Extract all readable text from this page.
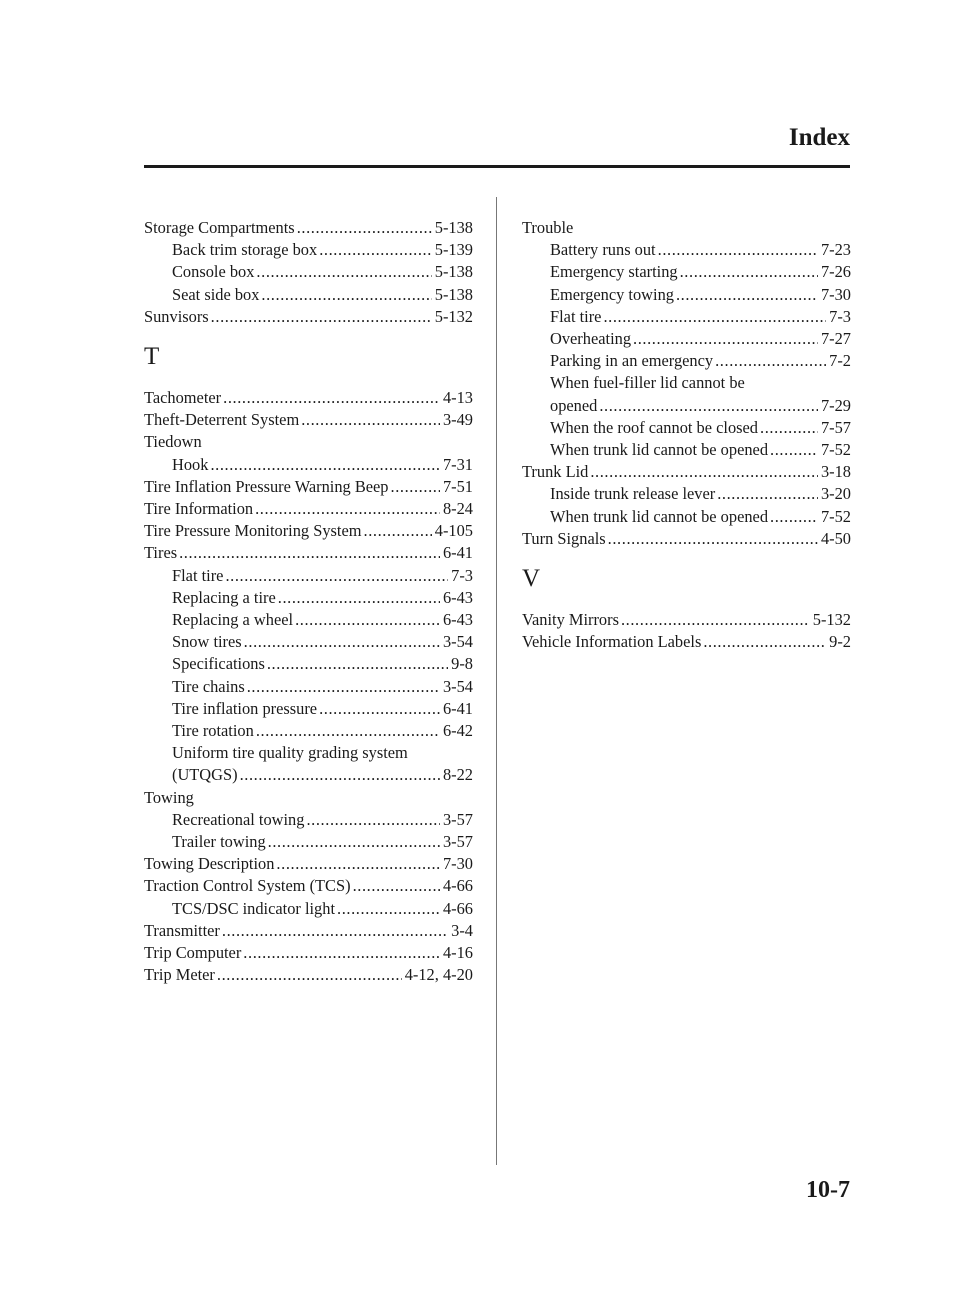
Index
Storage Compartments .....	5-138
Back trim storage box .....	5-139
Console box .....	5-138
Seat side box .....	5-138
Sunvisors .....	5-132
T
Tachometer .....	4-13
Theft-Deterrent System .....	3-49
Tiedown
Hook .....	7-31
Tire Inflation Pressure Warning Beep .....	7-51
Tire Information .....	8-24
Tire Pressure Monitoring System .....	4-105
Tires .....	6-41
Flat tire .....	7-3
Replacing a tire .....	6-43
Replacing a wheel .....	6-43
Snow tires .....	3-54
Specifications .....	9-8
Tire chains .....	3-54
Tire inflation pressure .....	6-41
Tire rotation .....	6-42
Uniform tire quality grading system
(UTQGS) .....	8-22
Towing
Recreational towing .....	3-57
Trailer towing .....	3-57
Towing Description .....	7-30
Traction Control System (TCS) .....	4-66
TCS/DSC indicator light .....	4-66
Transmitter .....	3-4
Trip Computer .....	4-16
Trip Meter .....	4-12, 4-20
Trouble
Battery runs out .....	7-23
Emergency starting .....	7-26
Emergency towing .....	7-30
Flat tire .....	7-3
Overheating .....	7-27
Parking in an emergency .....	7-2
When fuel-filler lid cannot be
opened .....	7-29
When the roof cannot be closed .....	7-57
When trunk lid cannot be opened .....	7-52
Trunk Lid .....	3-18
Inside trunk release lever .....	3-20
When trunk lid cannot be opened .....	7-52
Turn Signals .....	4-50
V
Vanity Mirrors .....	5-132
Vehicle Information Labels .....	9-2
10-7
